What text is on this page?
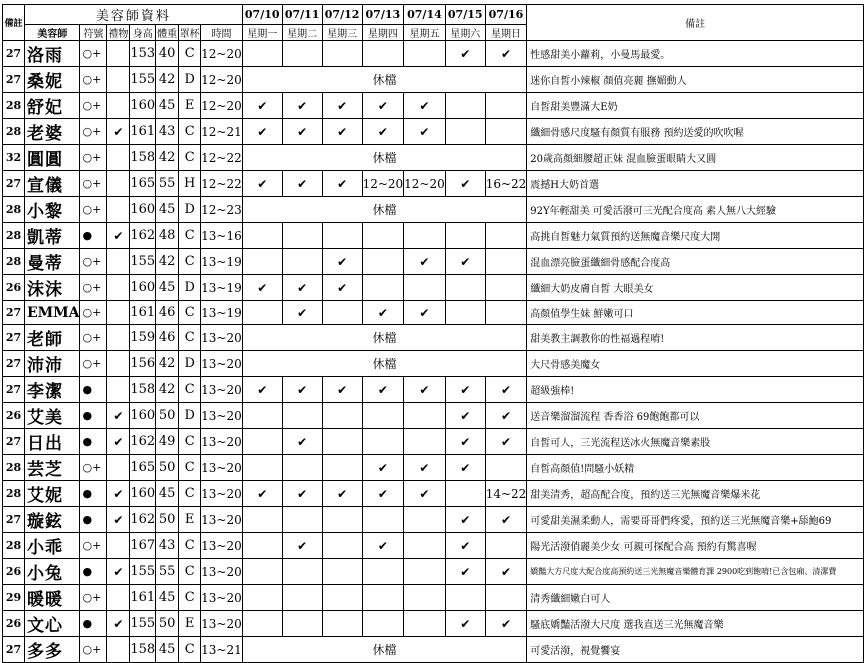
備註	美容師資料							07/10	07/11	07/12	07/13	07/14	07/15	07/16	備註
	美容師	符號	禮物	身高	體重	罩杯	時間	星期一	星期二	星期三	星期四	星期五	星期六	星期日	
27	洛雨	○+		153	40	C	12~20						✔	✔	性感甜美小蘿莉，小曼馬最愛。
27	桑妮	○+		155	42	D	12~20	休檔							迷你自皙小辣椒 顏值亮麗 撫媚動人
28	舒妃	○+		160	45	E	12~20	✔	✔	✔	✔	✔			自皙甜美豐滿大E奶
28	老婆	○+	✔	161	43	C	12~21	✔	✔	✔	✔	✔			纖細骨感尺度騷有顏質有服務 預約送愛的吹吹喔
32	圓圓	○+		158	42	C	12~22	休檔							20歲高顏細腰超正妹 混血臉蛋眼睛大又圓
27	宣儀	○+		165	55	H	12~22	✔	✔	✔	12~20	12~20	✔	16~22	震撼H大奶首選
28	小黎	○+		160	45	D	12~23	休檔							92Y年輕甜美 可愛活潑可三光配合度高 素人無八大經驗
28	凱蒂	●	✔	162	48	C	13~16								高挑自皙魅力氣質預約送無魔音樂尺度大開
28	曼蒂	○+		155	42	C	13~19			✔		✔	✔		混血漂亮臉蛋纖細骨感配合度高
26	沫沫	○+		160	45	D	13~19	✔	✔	✔					纖細大奶皮膚自皙 大眼美女
27	EMMA	○+		161	46	C	13~19		✔		✔	✔			高顏值學生妹 鮮嫩可口
27	老師	○+		159	46	C	13~20	休檔							甜美教主調教你的性福過程唷!
27	沛沛	○+		156	42	D	13~20	休檔							大尺骨感美魔女
27	李潔	●		158	42	C	13~20	✔	✔	✔	✔	✔	✔	✔	超級強棒!
26	艾美	●	✔	160	50	D	13~20						✔	✔	送音樂溜溜流程 香香浴 69飽飽都可以
27	日出	●	✔	162	49	C	13~20		✔				✔	✔	自皙可人，三光流程送冰火無魔音樂素股
28	芸芝	○+		165	50	C	13~20				✔	✔	✔		自皙高顏值!問騷小妖精
28	艾妮	●	✔	160	45	C	13~20	✔	✔	✔	✔	✔		14~22	甜美清秀，超高配合度，預約送三光無魔音樂爆米花
27	璇鉉	●	✔	162	50	E	13~20						✔	✔	可愛甜美濕柔動人，需要哥哥們疼愛，預約送三光無魔音樂+舔鮑69
28	小乖	○+		167	43	C	13~20		✔		✔		✔		陽光活潑俏麗美少女 可親可探配合高 預約有驚喜喔
26	小兔	●	✔	155	55	C	13~20						✔	✔	嬌豔大方尺度大配合度高預約送三光無魔音樂體育課 2900吃到飽唷!已含包廂、清潔費
29	暖暖	○+		161	45	C	13~20								清秀纖細嫩白可人
26	文心	●	✔	155	50	E	13~20						✔	✔	騷底嬌豔活潑大尺度 選我直送三光無魔音樂
27	多多	○+		158	45	C	13~21	休檔							可愛活潑，視覺饗宴
